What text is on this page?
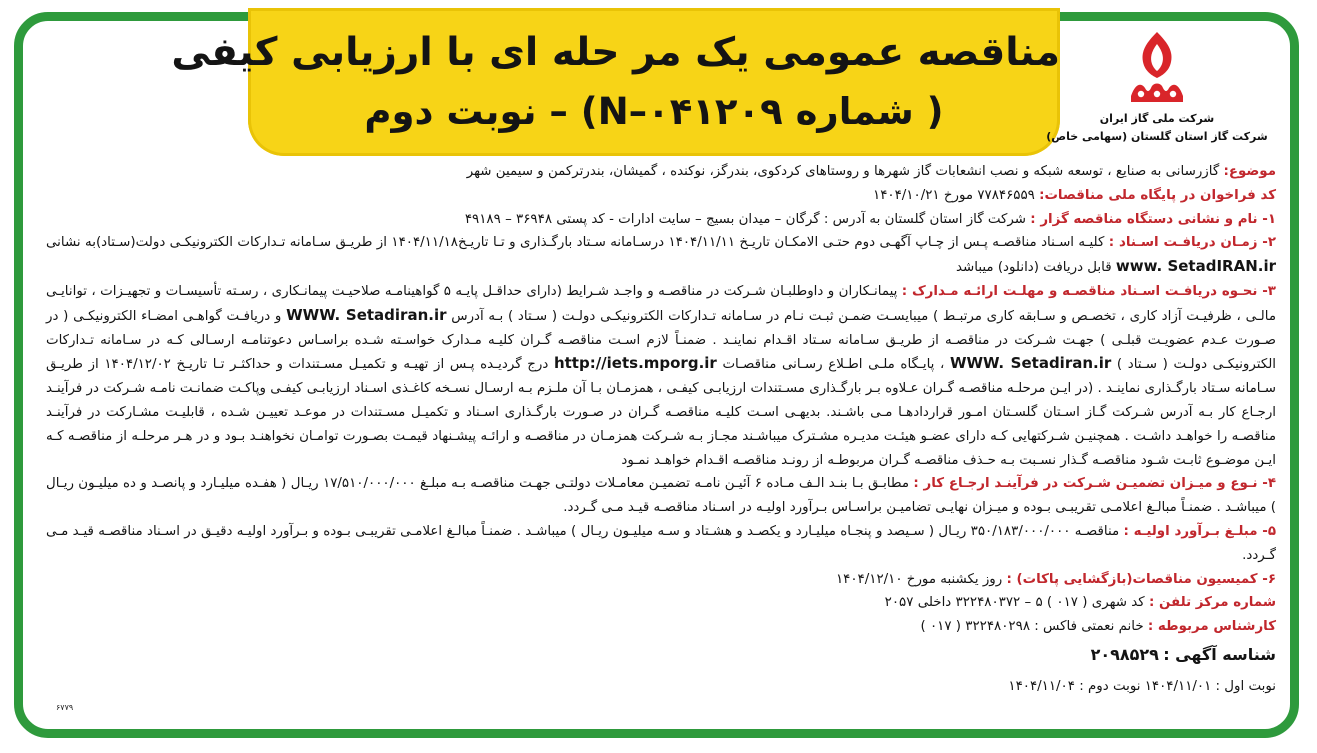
مناقصه عمومی یک مر حله ای با ارزیابی کیفی
( شماره N–۰۴۱۲۰۹) – نوبت دوم	شرکت ملی گاز ایران
شرکت گاز استان گلستان (سهامی خاص)

موضوع: گازرسانی به صنایع ، توسعه شبکه و نصب انشعابات گاز شهرها و روستاهای کردکوی، بندرگز، نوکنده ، گمیشان، بندرترکمن و سیمین شهر

کد فراخوان در پایگاه ملی مناقصات: ۷۷۸۴۶۵۵۹ مورخ ۱۴۰۴/۱۰/۲۱

۱- نام و نشانی دستگاه مناقصه گزار : شرکت گاز استان گلستان به آدرس : گرگان – میدان بسیج – سایت ادارات - کد پستی ۳۶۹۴۸ – ۴۹۱۸۹

۲- زمـان دریافـت اسـناد : کلیـه اسـناد مناقصـه پـس از چـاپ آگهـی دوم حتـی الامکـان تاریـخ ۱۴۰۴/۱۱/۱۱ درسـامانه سـتاد بارگـذاری و تـا تاریـخ۱۴۰۴/۱۱/۱۸ از طریـق سـامانه تـدارکات الکترونیکـی دولت(سـتاد)به نشانی www. SetadIRAN.ir قابل دریافت (دانلود) میباشد

۳- نحـوه دریافـت اسـناد مناقصـه و مهلـت ارائـه مـدارک : پیمانـکاران و داوطلبـان شـرکت در مناقصـه و واجـد شـرایط (دارای حداقـل پایـه ۵ گواهینامـه صلاحیـت پیمانـکاری ، رسـته تأسیسـات و تجهیـزات ، توانایـی مالـی ، ظرفیـت آزاد کاری ، تخصـص و سـابقه کاری مرتبـط ) میبایسـت ضمـن ثبـت نـام در سـامانه تـدارکات الکترونیکـی دولـت ( سـتاد ) بـه آدرس WWW. Setadiran.ir و دریافـت گواهـی امضـاء الکترونیکـی ( در صـورت عـدم عضویـت قبلـی ) جهـت شـرکت در مناقصـه از طریـق سـامانه سـتاد اقـدام نماینـد . ضمنـاً لازم اسـت مناقصـه گـران کلیـه مـدارک خواسـته شـده براسـاس دعوتنامـه ارسـالی کـه در سـامانه تـدارکات الکترونیکـی دولـت ( سـتاد ) WWW. Setadiran.ir ، پایـگاه ملـی اطـلاع رسـانی مناقصـات http://iets.mporg.ir درج گردیـده پـس از تهیـه و تکمیـل مسـتندات و حداکثـر تـا تاریـخ ۱۴۰۴/۱۲/۰۲ از طریـق سـامانه سـتاد بارگـذاری نماینـد . (در ایـن مرحلـه مناقصـه گـران عـلاوه بـر بارگـذاری مسـتندات ارزیابـی کیفـی ، همزمـان بـا آن ملـزم بـه ارسـال نسـخه کاغـذی اسـناد ارزیابـی کیفـی وپاکـت ضمانـت نامـه شـرکت در فرآینـد ارجـاع کار بـه آدرس شـرکت گـاز اسـتان گلسـتان امـور قراردادهـا مـی باشـند. بدیهـی اسـت کلیـه مناقصـه گـران در صـورت بارگـذاری اسـناد و تکمیـل مسـتندات در موعـد تعییـن شـده ، قابلیـت مشـارکت در فرآینـد مناقصـه را خواهـد داشـت . همچنیـن شـرکتهایی کـه دارای عضـو هیئـت مدیـره مشـترک میباشـند مجـاز بـه شـرکت همزمـان در مناقصـه و ارائـه پیشـنهاد قیمـت بصـورت توامـان نخواهنـد بـود و در هـر مرحلـه از مناقصـه کـه ایـن موضـوع ثابـت شـود مناقصـه گـذار نسـبت بـه حـذف مناقصـه گـران مربوطـه از رونـد مناقصـه اقـدام خواهـد نمـود

۴- نـوع و میـزان تضمیـن شـرکت در فرآینـد ارجـاع کار : مطابـق بـا بنـد الـف مـاده ۶ آئیـن نامـه تضمیـن معامـلات دولتـی جهـت مناقصـه بـه مبلـغ ۱۷/۵۱۰/۰۰۰/۰۰۰ ریـال ( هفـده میلیـارد و پانصـد و ده میلیـون ریـال ) میباشـد . ضمنـاً مبالـغ اعلامـی تقریبـی بـوده و میـزان نهایـی تضامیـن براسـاس بـرآورد اولیـه در اسـناد مناقصـه قیـد مـی گـردد.

۵- مبلـغ بـرآورد اولیـه : مناقصـه ۳۵۰/۱۸۳/۰۰۰/۰۰۰ ریـال ( سـیصد و پنجـاه میلیـارد و یکصـد و هشـتاد و سـه میلیـون ریـال ) میباشـد . ضمنـاً مبالـغ اعلامـی تقریبـی بـوده و بـرآورد اولیـه دقیـق در اسـناد مناقصـه قیـد مـی گـردد.

۶- کمیسیون مناقصات(بازگشایی پاکات) : روز یکشنبه مورخ ۱۴۰۴/۱۲/۱۰

شماره مرکز تلفن : کد شهری ( ۰۱۷ ) ۵ – ۳۲۲۴۸۰۳۷۲ داخلی ۲۰۵۷

کارشناس مربوطه : خانم نعمتی فاکس : ۳۲۲۴۸۰۲۹۸ ( ۰۱۷ )

شناسه آگهی : ۲۰۹۸۵۲۹

نوبت اول : ۱۴۰۴/۱۱/۰۱ نوبت دوم : ۱۴۰۴/۱۱/۰۴

۶۷۷۹
